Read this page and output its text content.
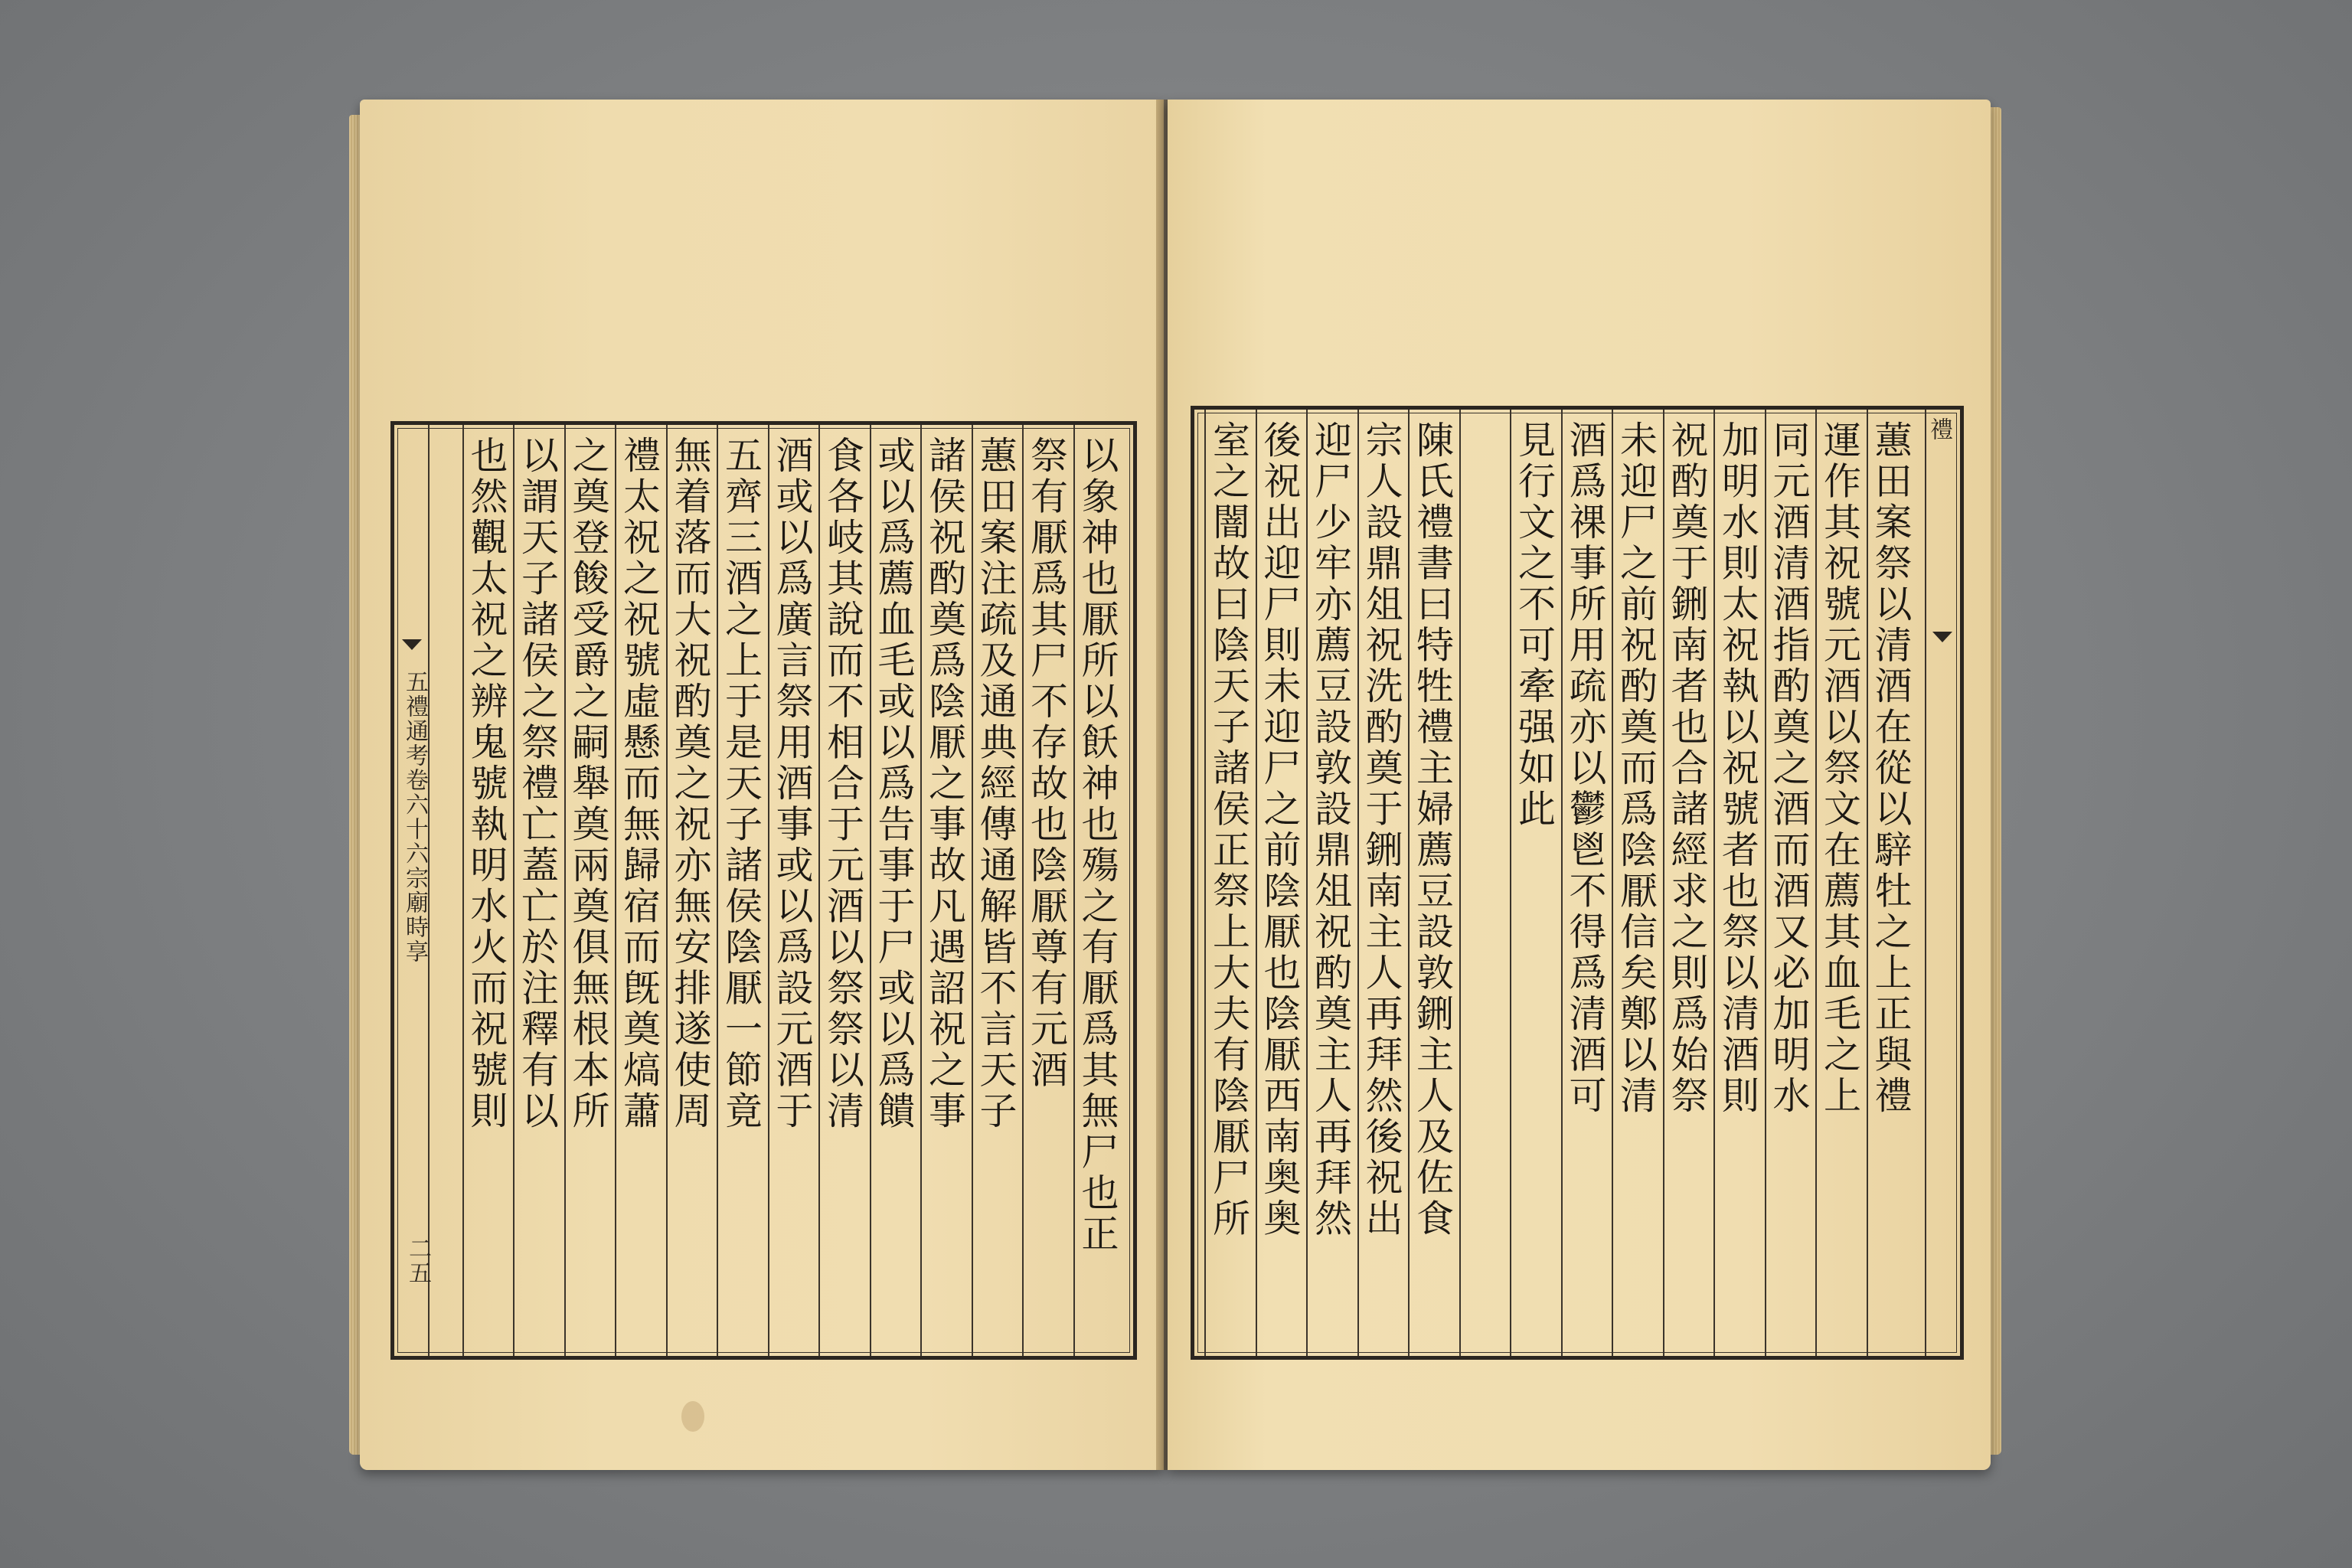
五禮通考卷六十六宗廟時享
二五
以象神也厭所以飫神也殤之有厭爲其無尸也正
祭有厭爲其尸不存故也陰厭尊有元酒
蕙田案注疏及通典經傳通解皆不言天子
諸侯祝酌奠爲陰厭之事故凡遇詔祝之事
或以爲薦血毛或以爲告事于尸或以爲饋
食各岐其說而不相合于元酒以祭祭以清
酒或以爲廣言祭用酒事或以爲設元酒于
五齊三酒之上于是天子諸侯陰厭一節竟
無着落而大祝酌奠之祝亦無安排遂使周
禮太祝之祝號虛懸而無歸宿而旣奠熇蕭
之奠登餕受爵之嗣舉奠兩奠俱無根本所
以謂天子諸侯之祭禮亡蓋亡於注釋有以
也然觀太祝之辨鬼號執明水火而祝號則
禮
蕙田案祭以清酒在從以騂牡之上正與禮
運作其祝號元酒以祭文在薦其血毛之上
同元酒清酒指酌奠之酒而酒又必加明水
加明水則太祝執以祝號者也祭以清酒則
祝酌奠于鉶南者也合諸經求之則爲始祭
未迎尸之前祝酌奠而爲陰厭信矣鄭以清
酒爲祼事所用疏亦以鬱鬯不得爲清酒可
見行文之不可牽强如此
陳氏禮書曰特牲禮主婦薦豆設敦鉶主人及佐食
宗人設鼎俎祝洗酌奠于鉶南主人再拜然後祝出
迎尸少牢亦薦豆設敦設鼎俎祝酌奠主人再拜然
後祝出迎尸則未迎尸之前陰厭也陰厭西南奥奥
室之闇故曰陰天子諸侯正祭上大夫有陰厭尸所
